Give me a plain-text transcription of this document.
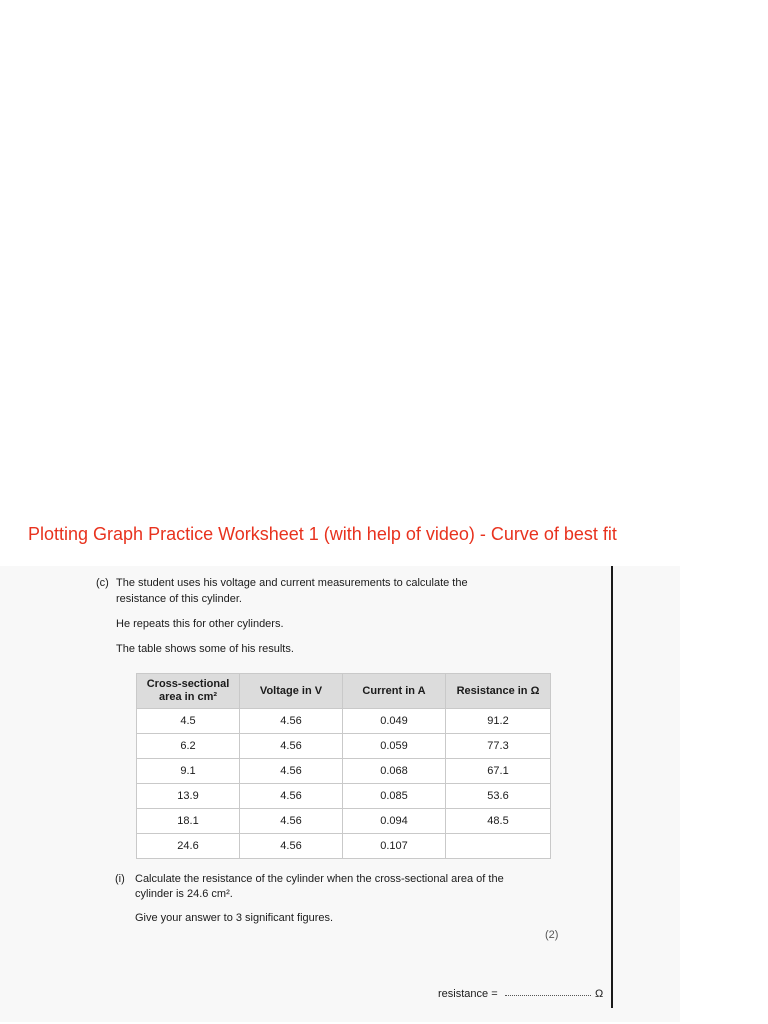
Plotting Graph Practice Worksheet 1 (with help of video) - Curve of best fit
(c) The student uses his voltage and current measurements to calculate the
resistance of this cylinder.
He repeats this for other cylinders.
The table shows some of his results.
Cross-sectional
area in cm²	Voltage in V	Current in A	Resistance in Ω
4.5	4.56	0.049	91.2
6.2	4.56	0.059	77.3
9.1	4.56	0.068	67.1
13.9	4.56	0.085	53.6
18.1	4.56	0.094	48.5
24.6	4.56	0.107	
(i) Calculate the resistance of the cylinder when the cross-sectional area of the
cylinder is 24.6 cm².
Give your answer to 3 significant figures.
(2)
resistance =	Ω
